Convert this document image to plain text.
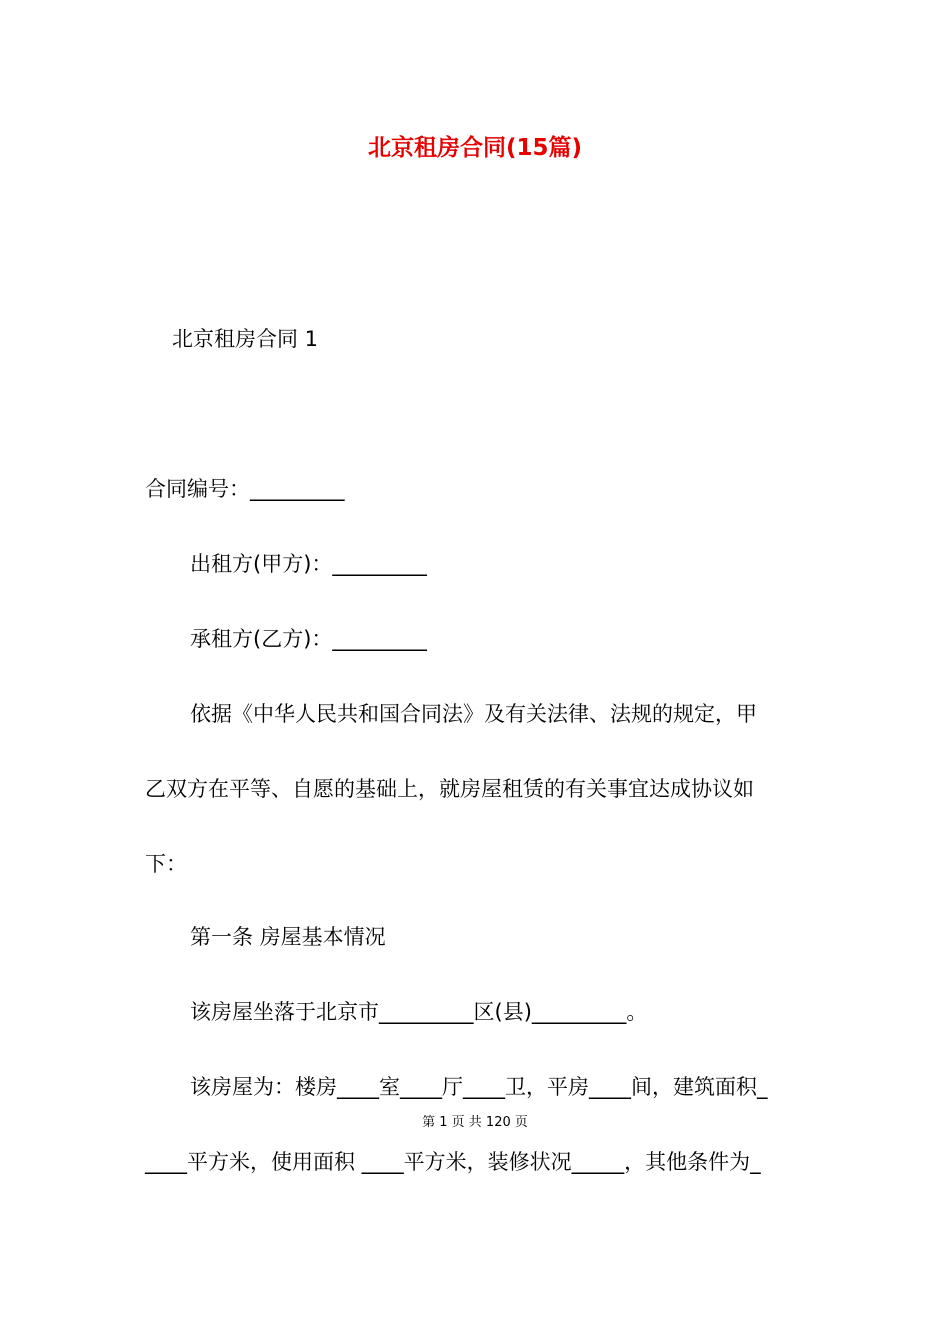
北京租房合同(15篇)
北京租房合同 1
合同编号：_________
出租方(甲方)：_________
承租方(乙方)：_________
依据《中华人民共和国合同法》及有关法律、法规的规定，甲
乙双方在平等、自愿的基础上，就房屋租赁的有关事宜达成协议如
下：
第一条 房屋基本情况
该房屋坐落于北京市_________区(县)_________。
该房屋为：楼房____室____厅____卫，平房____间，建筑面积_
第 1 页 共 120 页
____平方米，使用面积 ____平方米，装修状况_____，其他条件为_
